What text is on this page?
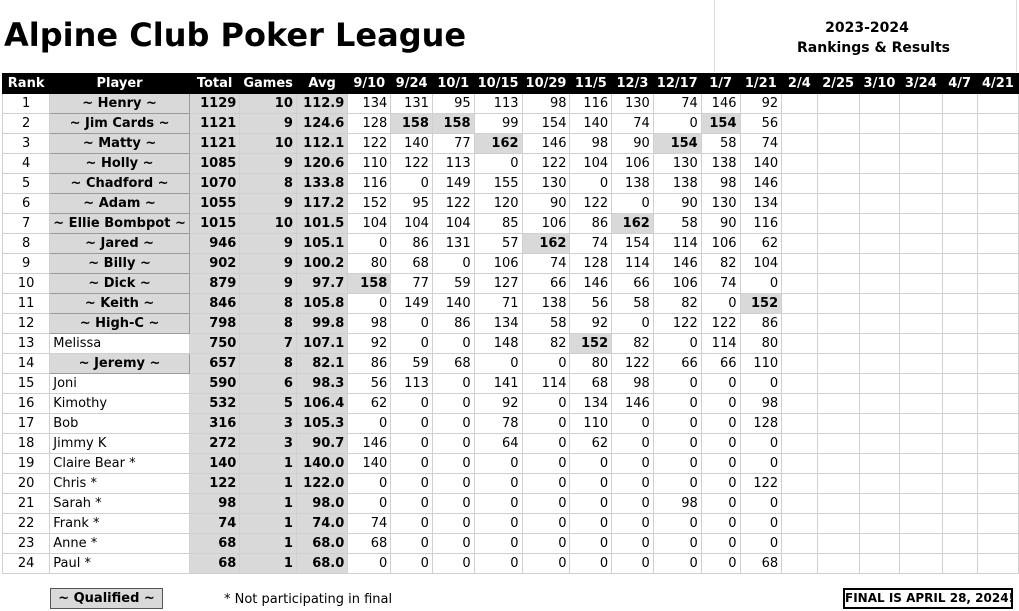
Alpine Club Poker League	2023-2024
Rankings & Results
Rank	Player	Total	Games	Avg	9/10	9/24	10/1	10/15	10/29	11/5	12/3	12/17	1/7	1/21	2/4	2/25	3/10	3/24	4/7	4/21
1	~ Henry ~	1129	10	112.9	134	131	95	113	98	116	130	74	146	92						
2	~ Jim Cards ~	1121	9	124.6	128	158	158	99	154	140	74	0	154	56						
3	~ Matty ~	1121	10	112.1	122	140	77	162	146	98	90	154	58	74						
4	~ Holly ~	1085	9	120.6	110	122	113	0	122	104	106	130	138	140						
5	~ Chadford ~	1070	8	133.8	116	0	149	155	130	0	138	138	98	146						
6	~ Adam ~	1055	9	117.2	152	95	122	120	90	122	0	90	130	134						
7	~ Ellie Bombpot ~	1015	10	101.5	104	104	104	85	106	86	162	58	90	116						
8	~ Jared ~	946	9	105.1	0	86	131	57	162	74	154	114	106	62						
9	~ Billy ~	902	9	100.2	80	68	0	106	74	128	114	146	82	104						
10	~ Dick ~	879	9	97.7	158	77	59	127	66	146	66	106	74	0						
11	~ Keith ~	846	8	105.8	0	149	140	71	138	56	58	82	0	152						
12	~ High-C ~	798	8	99.8	98	0	86	134	58	92	0	122	122	86						
13	Melissa	750	7	107.1	92	0	0	148	82	152	82	0	114	80						
14	~ Jeremy ~	657	8	82.1	86	59	68	0	0	80	122	66	66	110						
15	Joni	590	6	98.3	56	113	0	141	114	68	98	0	0	0						
16	Kimothy	532	5	106.4	62	0	0	92	0	134	146	0	0	98						
17	Bob	316	3	105.3	0	0	0	78	0	110	0	0	0	128						
18	Jimmy K	272	3	90.7	146	0	0	64	0	62	0	0	0	0						
19	Claire Bear *	140	1	140.0	140	0	0	0	0	0	0	0	0	0						
20	Chris *	122	1	122.0	0	0	0	0	0	0	0	0	0	122						
21	Sarah *	98	1	98.0	0	0	0	0	0	0	0	98	0	0						
22	Frank *	74	1	74.0	74	0	0	0	0	0	0	0	0	0						
23	Anne *	68	1	68.0	68	0	0	0	0	0	0	0	0	0						
24	Paul *	68	1	68.0	0	0	0	0	0	0	0	0	0	68						
~ Qualified ~	* Not participating in final	FINAL IS APRIL 28, 2024!
